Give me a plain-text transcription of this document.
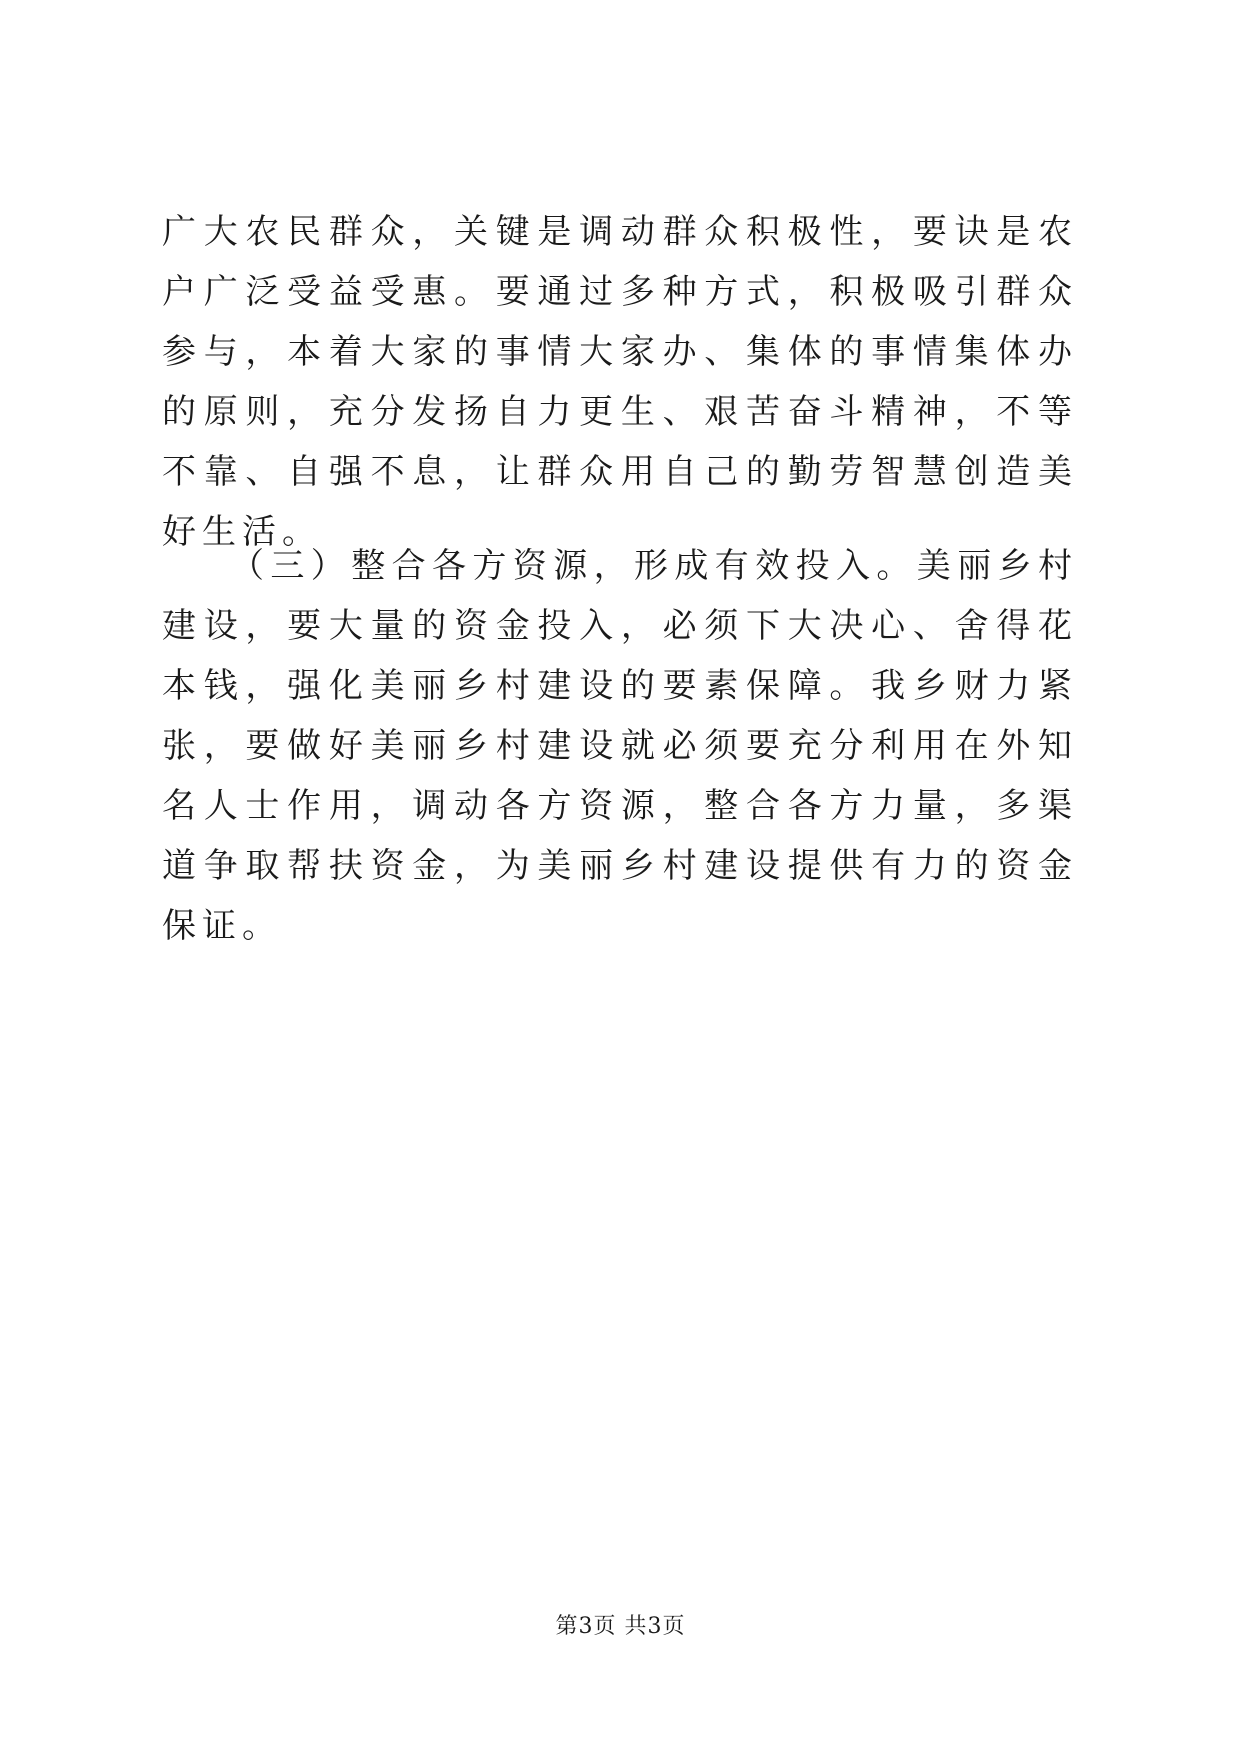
广大农民群众，关键是调动群众积极性，要诀是农户广泛受益受惠。要通过多种方式，积极吸引群众参与，本着大家的事情大家办、集体的事情集体办的原则，充分发扬自力更生、艰苦奋斗精神，不等不靠、自强不息，让群众用自己的勤劳智慧创造美好生活。

（三）整合各方资源，形成有效投入。美丽乡村建设，要大量的资金投入，必须下大决心、舍得花本钱，强化美丽乡村建设的要素保障。我乡财力紧张，要做好美丽乡村建设就必须要充分利用在外知名人士作用，调动各方资源，整合各方力量，多渠道争取帮扶资金，为美丽乡村建设提供有力的资金保证。

第3页 共3页
